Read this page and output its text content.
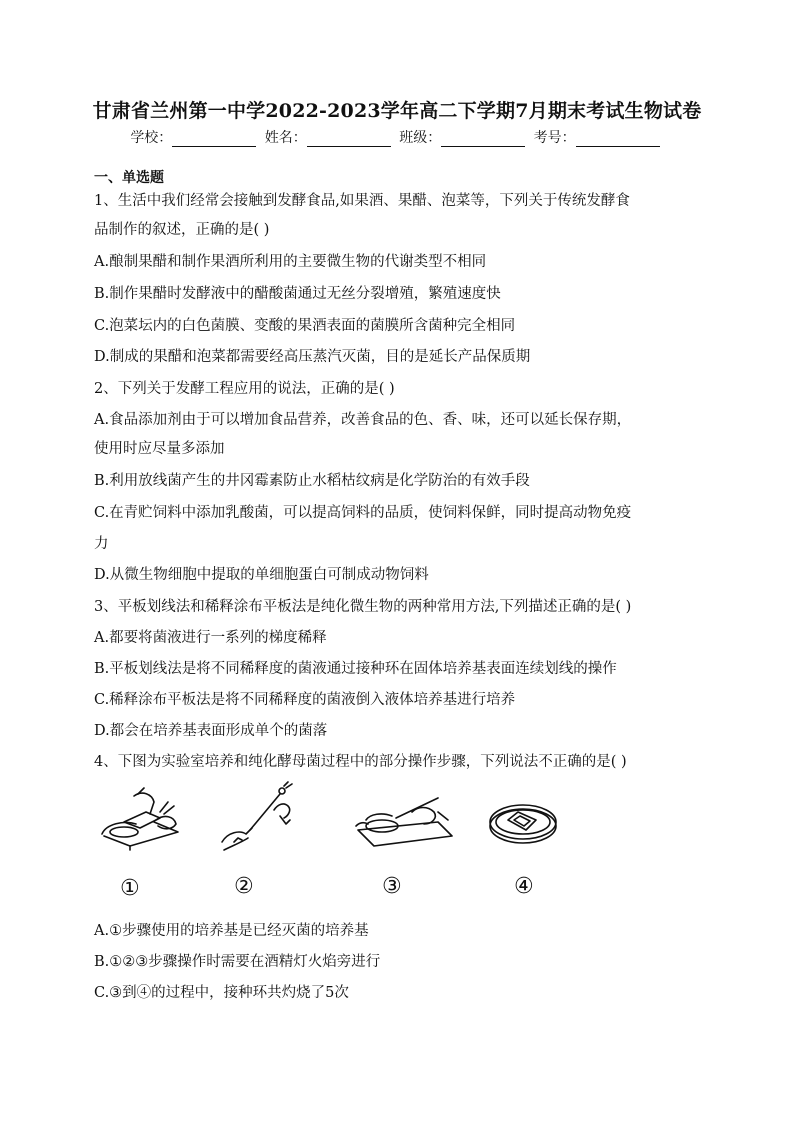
甘肃省兰州第一中学2022-2023学年高二下学期7月期末考试生物试卷
学校：	姓名：	班级：	考号：
一、单选题
1、生活中我们经常会接触到发酵食品,如果酒、果醋、泡菜等，下列关于传统发酵食
品制作的叙述，正确的是( )
A.酿制果醋和制作果酒所利用的主要微生物的代谢类型不相同
B.制作果醋时发酵液中的醋酸菌通过无丝分裂增殖，繁殖速度快
C.泡菜坛内的白色菌膜、变酸的果酒表面的菌膜所含菌种完全相同
D.制成的果醋和泡菜都需要经高压蒸汽灭菌，目的是延长产品保质期
2、下列关于发酵工程应用的说法，正确的是( )
A.食品添加剂由于可以增加食品营养，改善食品的色、香、味，还可以延长保存期，
使用时应尽量多添加
B.利用放线菌产生的井冈霉素防止水稻枯纹病是化学防治的有效手段
C.在青贮饲料中添加乳酸菌，可以提高饲料的品质，使饲料保鲜，同时提高动物免疫
力
D.从微生物细胞中提取的单细胞蛋白可制成动物饲料
3、平板划线法和稀释涂布平板法是纯化微生物的两种常用方法,下列描述正确的是( )
A.都要将菌液进行一系列的梯度稀释
B.平板划线法是将不同稀释度的菌液通过接种环在固体培养基表面连续划线的操作
C.稀释涂布平板法是将不同稀释度的菌液倒入液体培养基进行培养
D.都会在培养基表面形成单个的菌落
4、下图为实验室培养和纯化酵母菌过程中的部分操作步骤，下列说法不正确的是( )
①	②	③	④
A.①步骤使用的培养基是已经灭菌的培养基
B.①②③步骤操作时需要在酒精灯火焰旁进行
C.③到④的过程中，接种环共灼烧了5次
